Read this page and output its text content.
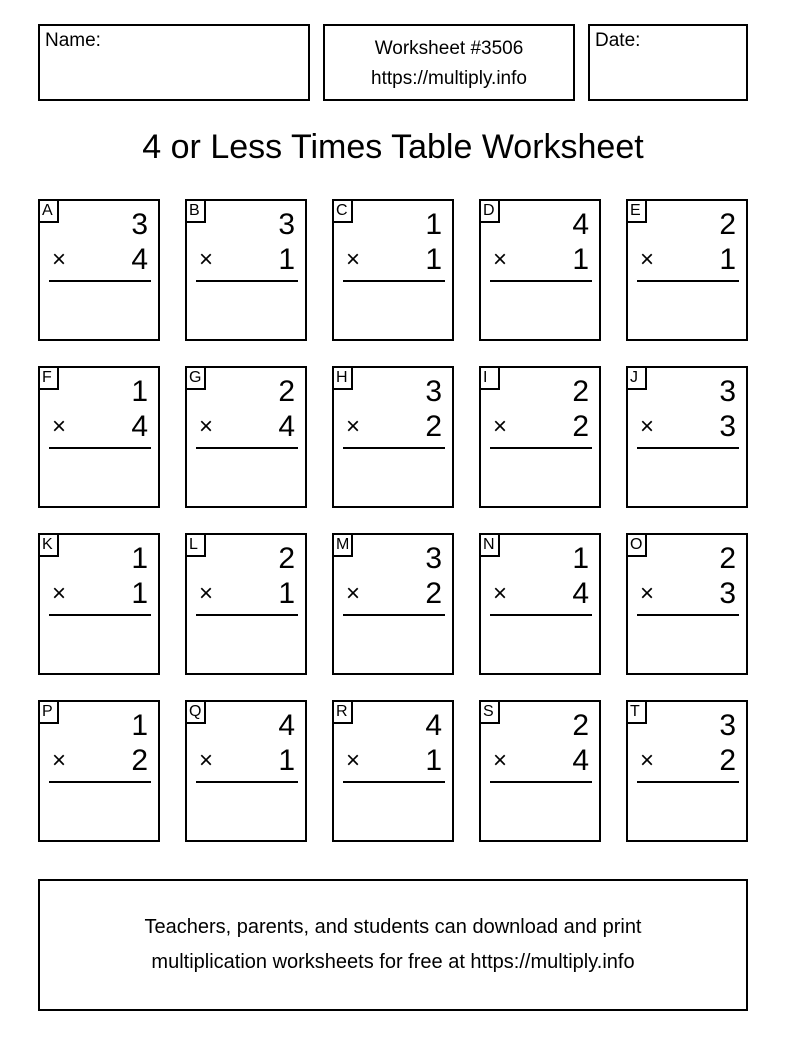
Name:	Worksheet #3506
https://multiply.info
Date:
4 or Less Times Table Worksheet
A	3
× 4
B	3
× 1
C	1
× 1
D	4
× 1
E	2
× 1
F	1
× 4
G	2
× 4
H	3
× 2
I	2
× 2
J	3
× 3
K	1
× 1
L	2
× 1
M	3
× 2
N	1
× 4
O	2
× 3
P	1
× 2
Q	4
× 1
R	4
× 1
S	2
× 4
T	3
× 2
Teachers, parents, and students can download and print
multiplication worksheets for free at https://multiply.info
